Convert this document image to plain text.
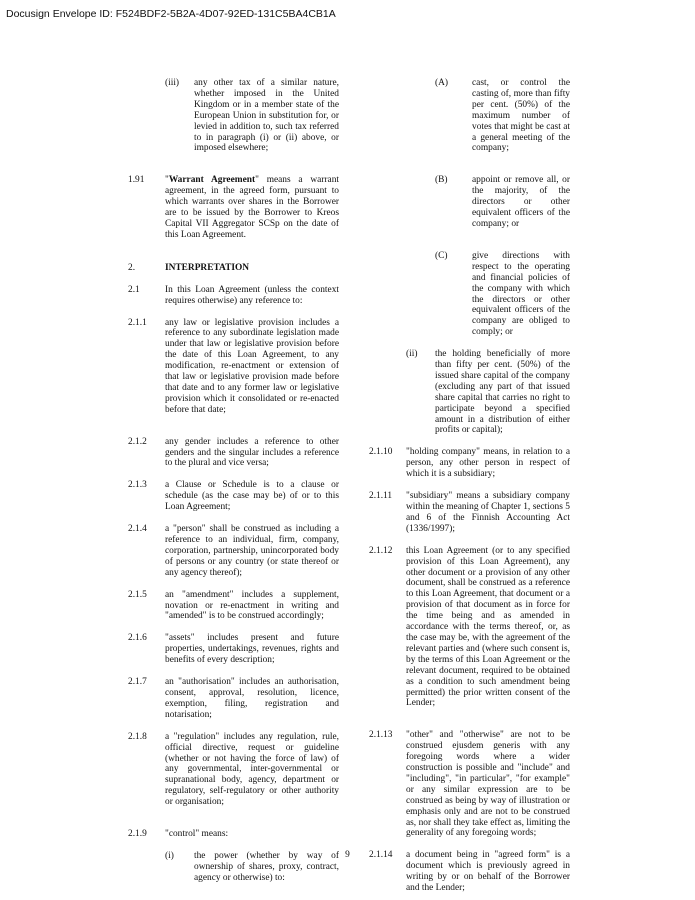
Docusign Envelope ID: F524BDF2-5B2A-4D07-92ED-131C5BA4CB1A
(iii)	any other tax of a similar nature, whether imposed in the United Kingdom or in a member state of the European Union in substitution for, or levied in addition to, such tax referred to in paragraph (i) or (ii) above, or imposed elsewhere;
1.91	"Warrant Agreement" means a warrant agreement, in the agreed form, pursuant to which warrants over shares in the Borrower are to be issued by the Borrower to Kreos Capital VII Aggregator SCSp on the date of this Loan Agreement.
2.	INTERPRETATION
2.1	In this Loan Agreement (unless the context requires otherwise) any reference to:
2.1.1	any law or legislative provision includes a reference to any subordinate legislation made under that law or legislative provision before the date of this Loan Agreement, to any modification, re-enactment or extension of that law or legislative provision made before that date and to any former law or legislative provision which it consolidated or re-enacted before that date;
2.1.2	any gender includes a reference to other genders and the singular includes a reference to the plural and vice versa;
2.1.3	a Clause or Schedule is to a clause or schedule (as the case may be) of or to this Loan Agreement;
2.1.4	a "person" shall be construed as including a reference to an individual, firm, company, corporation, partnership, unincorporated body of persons or any country (or state thereof or any agency thereof);
2.1.5	an "amendment" includes a supplement, novation or re-enactment in writing and "amended" is to be construed accordingly;
2.1.6	"assets" includes present and future properties, undertakings, revenues, rights and benefits of every description;
2.1.7	an "authorisation" includes an authorisation, consent, approval, resolution, licence, exemption, filing, registration and notarisation;
2.1.8	a "regulation" includes any regulation, rule, official directive, request or guideline (whether or not having the force of law) of any governmental, inter-governmental or supranational body, agency, department or regulatory, self-regulatory or other authority or organisation;
2.1.9	"control" means:
(i)	the power (whether by way of ownership of shares, proxy, contract, agency or otherwise) to:
(A)	cast, or control the casting of, more than fifty per cent. (50%) of the maximum number of votes that might be cast at a general meeting of the company;
(B)	appoint or remove all, or the majority, of the directors or other equivalent officers of the company; or
(C)	give directions with respect to the operating and financial policies of the company with which the directors or other equivalent officers of the company are obliged to comply; or
(ii)	the holding beneficially of more than fifty per cent. (50%) of the issued share capital of the company (excluding any part of that issued share capital that carries no right to participate beyond a specified amount in a distribution of either profits or capital);
2.1.10	"holding company" means, in relation to a person, any other person in respect of which it is a subsidiary;
2.1.11	"subsidiary" means a subsidiary company within the meaning of Chapter 1, sections 5 and 6 of the Finnish Accounting Act (1336/1997);
2.1.12	this Loan Agreement (or to any specified provision of this Loan Agreement), any other document or a provision of any other document, shall be construed as a reference to this Loan Agreement, that document or a provision of that document as in force for the time being and as amended in accordance with the terms thereof, or, as the case may be, with the agreement of the relevant parties and (where such consent is, by the terms of this Loan Agreement or the relevant document, required to be obtained as a condition to such amendment being permitted) the prior written consent of the Lender;
2.1.13	"other" and "otherwise" are not to be construed ejusdem generis with any foregoing words where a wider construction is possible and "include" and "including", "in particular", "for example" or any similar expression are to be construed as being by way of illustration or emphasis only and are not to be construed as, nor shall they take effect as, limiting the generality of any foregoing words;
2.1.14	a document being in "agreed form" is a document which is previously agreed in writing by or on behalf of the Borrower and the Lender;
9
